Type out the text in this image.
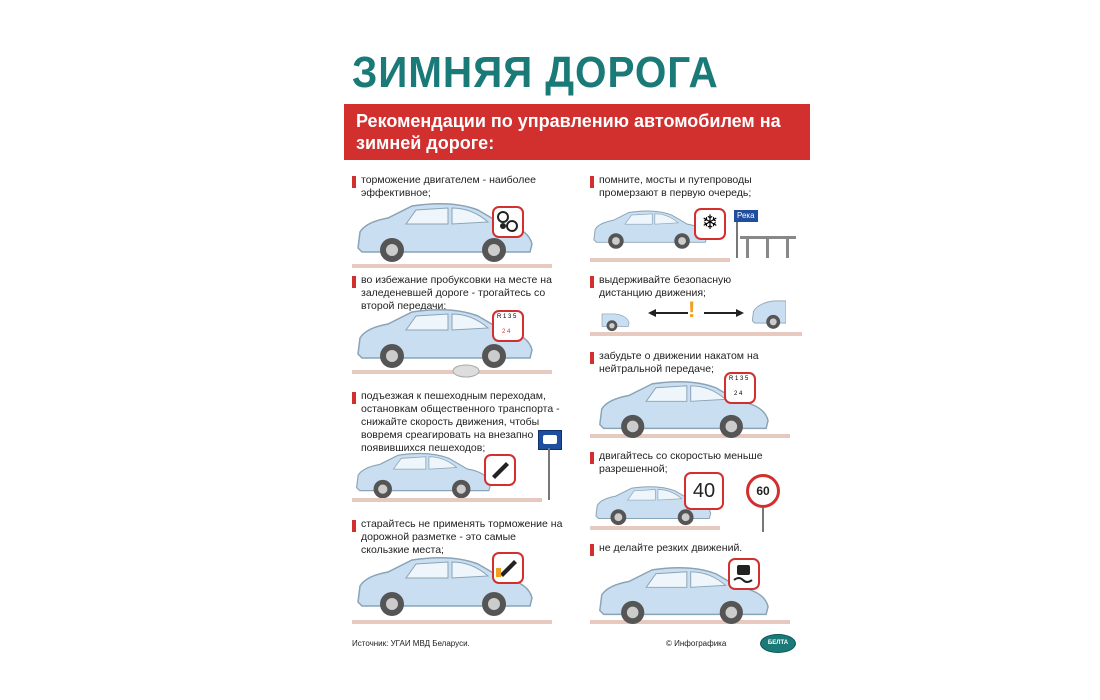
ЗИМНЯЯ ДОРОГА
Рекомендации по управлению автомобилем на зимней дороге:
торможение двигателем - наиболее эффективное;
во избежание пробуксовки на месте на заледеневшей дороге - трогайтесь со второй передачи;
R 1 3 5
2 4
подъезжая к пешеходным переходам, остановкам общественного транспорта - снижайте скорость движения, чтобы вовремя среагировать на внезапно появившихся пешеходов;
старайтесь не применять торможение на дорожной разметке - это самые скользкие места;
помните, мосты и путепроводы промерзают в первую очередь;
❄	Река
выдерживайте безопасную дистанцию движения;
!
забудьте о движении накатом на нейтральной передаче;
R 1 3 5
2 4
двигайтесь со скоростью меньше разрешенной;
40	60
не делайте резких движений.
Источник: УГАИ МВД Беларуси.	© Инфографика	БЕЛТА
